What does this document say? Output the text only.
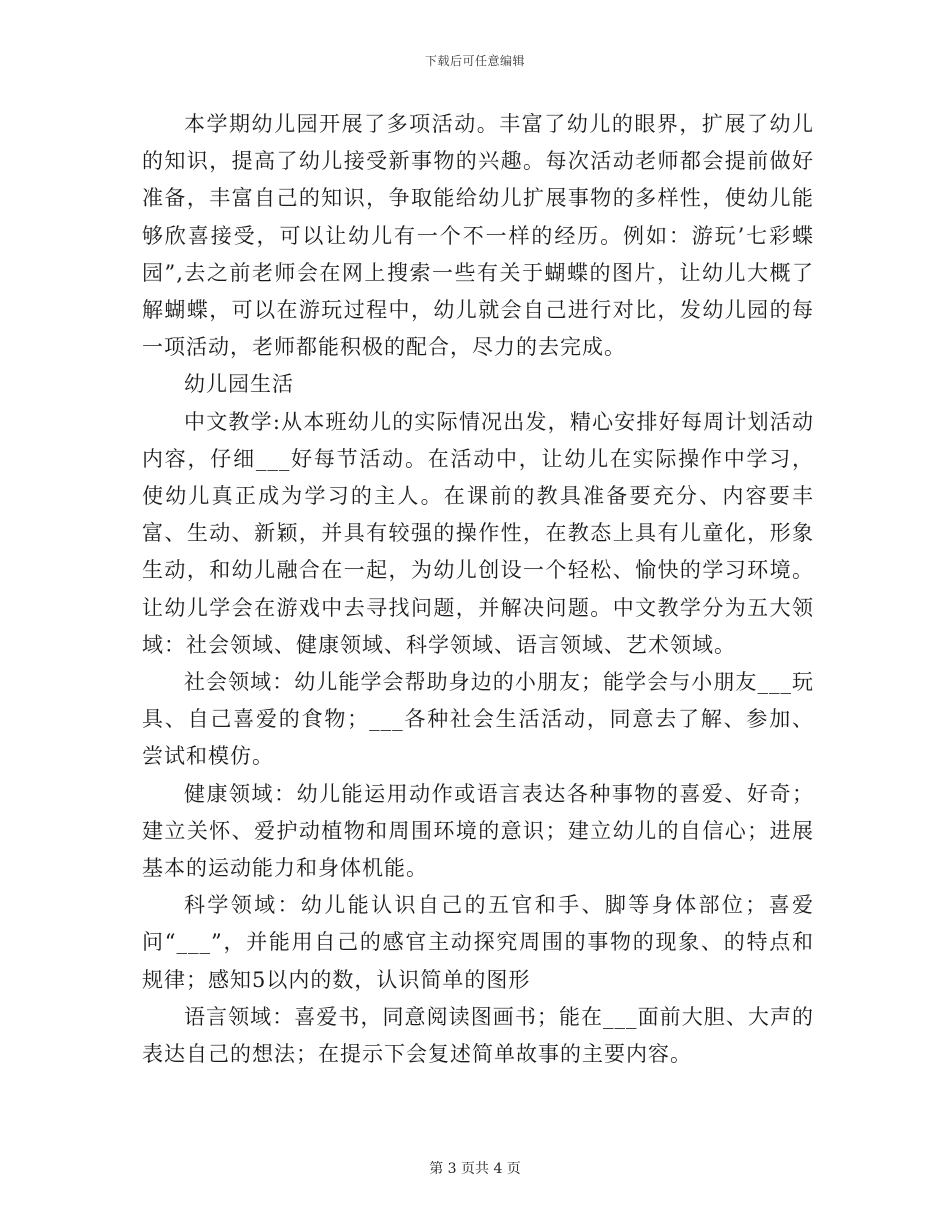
下载后可任意编辑

本学期幼儿园开展了多项活动。丰富了幼儿的眼界，扩展了幼儿的知识，提高了幼儿接受新事物的兴趣。每次活动老师都会提前做好准备，丰富自己的知识，争取能给幼儿扩展事物的多样性，使幼儿能够欣喜接受，可以让幼儿有一个不一样的经历。例如：游玩’七彩蝶园”,去之前老师会在网上搜索一些有关于蝴蝶的图片，让幼儿大概了解蝴蝶，可以在游玩过程中，幼儿就会自己进行对比，发幼儿园的每一项活动，老师都能积极的配合，尽力的去完成。

幼儿园生活

中文教学:从本班幼儿的实际情况出发，精心安排好每周计划活动内容，仔细___好每节活动。在活动中，让幼儿在实际操作中学习，使幼儿真正成为学习的主人。在课前的教具准备要充分、内容要丰富、生动、新颖，并具有较强的操作性，在教态上具有儿童化，形象生动，和幼儿融合在一起，为幼儿创设一个轻松、愉快的学习环境。让幼儿学会在游戏中去寻找问题，并解决问题。中文教学分为五大领域：社会领域、健康领域、科学领域、语言领域、艺术领域。

社会领域：幼儿能学会帮助身边的小朋友；能学会与小朋友___玩具、自己喜爱的食物；___各种社会生活活动，同意去了解、参加、尝试和模仿。

健康领域：幼儿能运用动作或语言表达各种事物的喜爱、好奇；建立关怀、爱护动植物和周围环境的意识；建立幼儿的自信心；进展基本的运动能力和身体机能。

科学领域：幼儿能认识自己的五官和手、脚等身体部位；喜爱问“___”，并能用自己的感官主动探究周围的事物的现象、的特点和规律；感知5以内的数，认识简单的图形

语言领域：喜爱书，同意阅读图画书；能在___面前大胆、大声的表达自己的想法；在提示下会复述简单故事的主要内容。

第 3 页共 4 页
